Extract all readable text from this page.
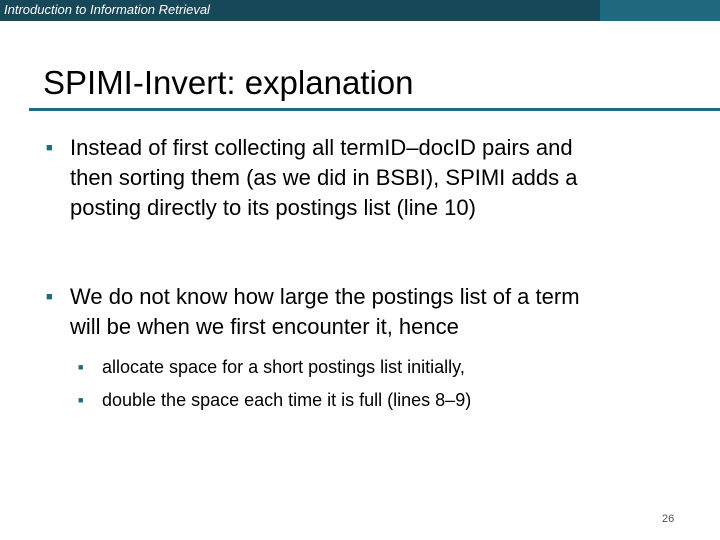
Introduction to Information Retrieval
SPIMI-Invert: explanation
■ Instead of first collecting all termID–docID pairs and
then sorting them (as we did in BSBI), SPIMI adds a
posting directly to its postings list (line 10)
■ We do not know how large the postings list of a term
will be when we first encounter it, hence
■ allocate space for a short postings list initially,
■ double the space each time it is full (lines 8–9)
26
